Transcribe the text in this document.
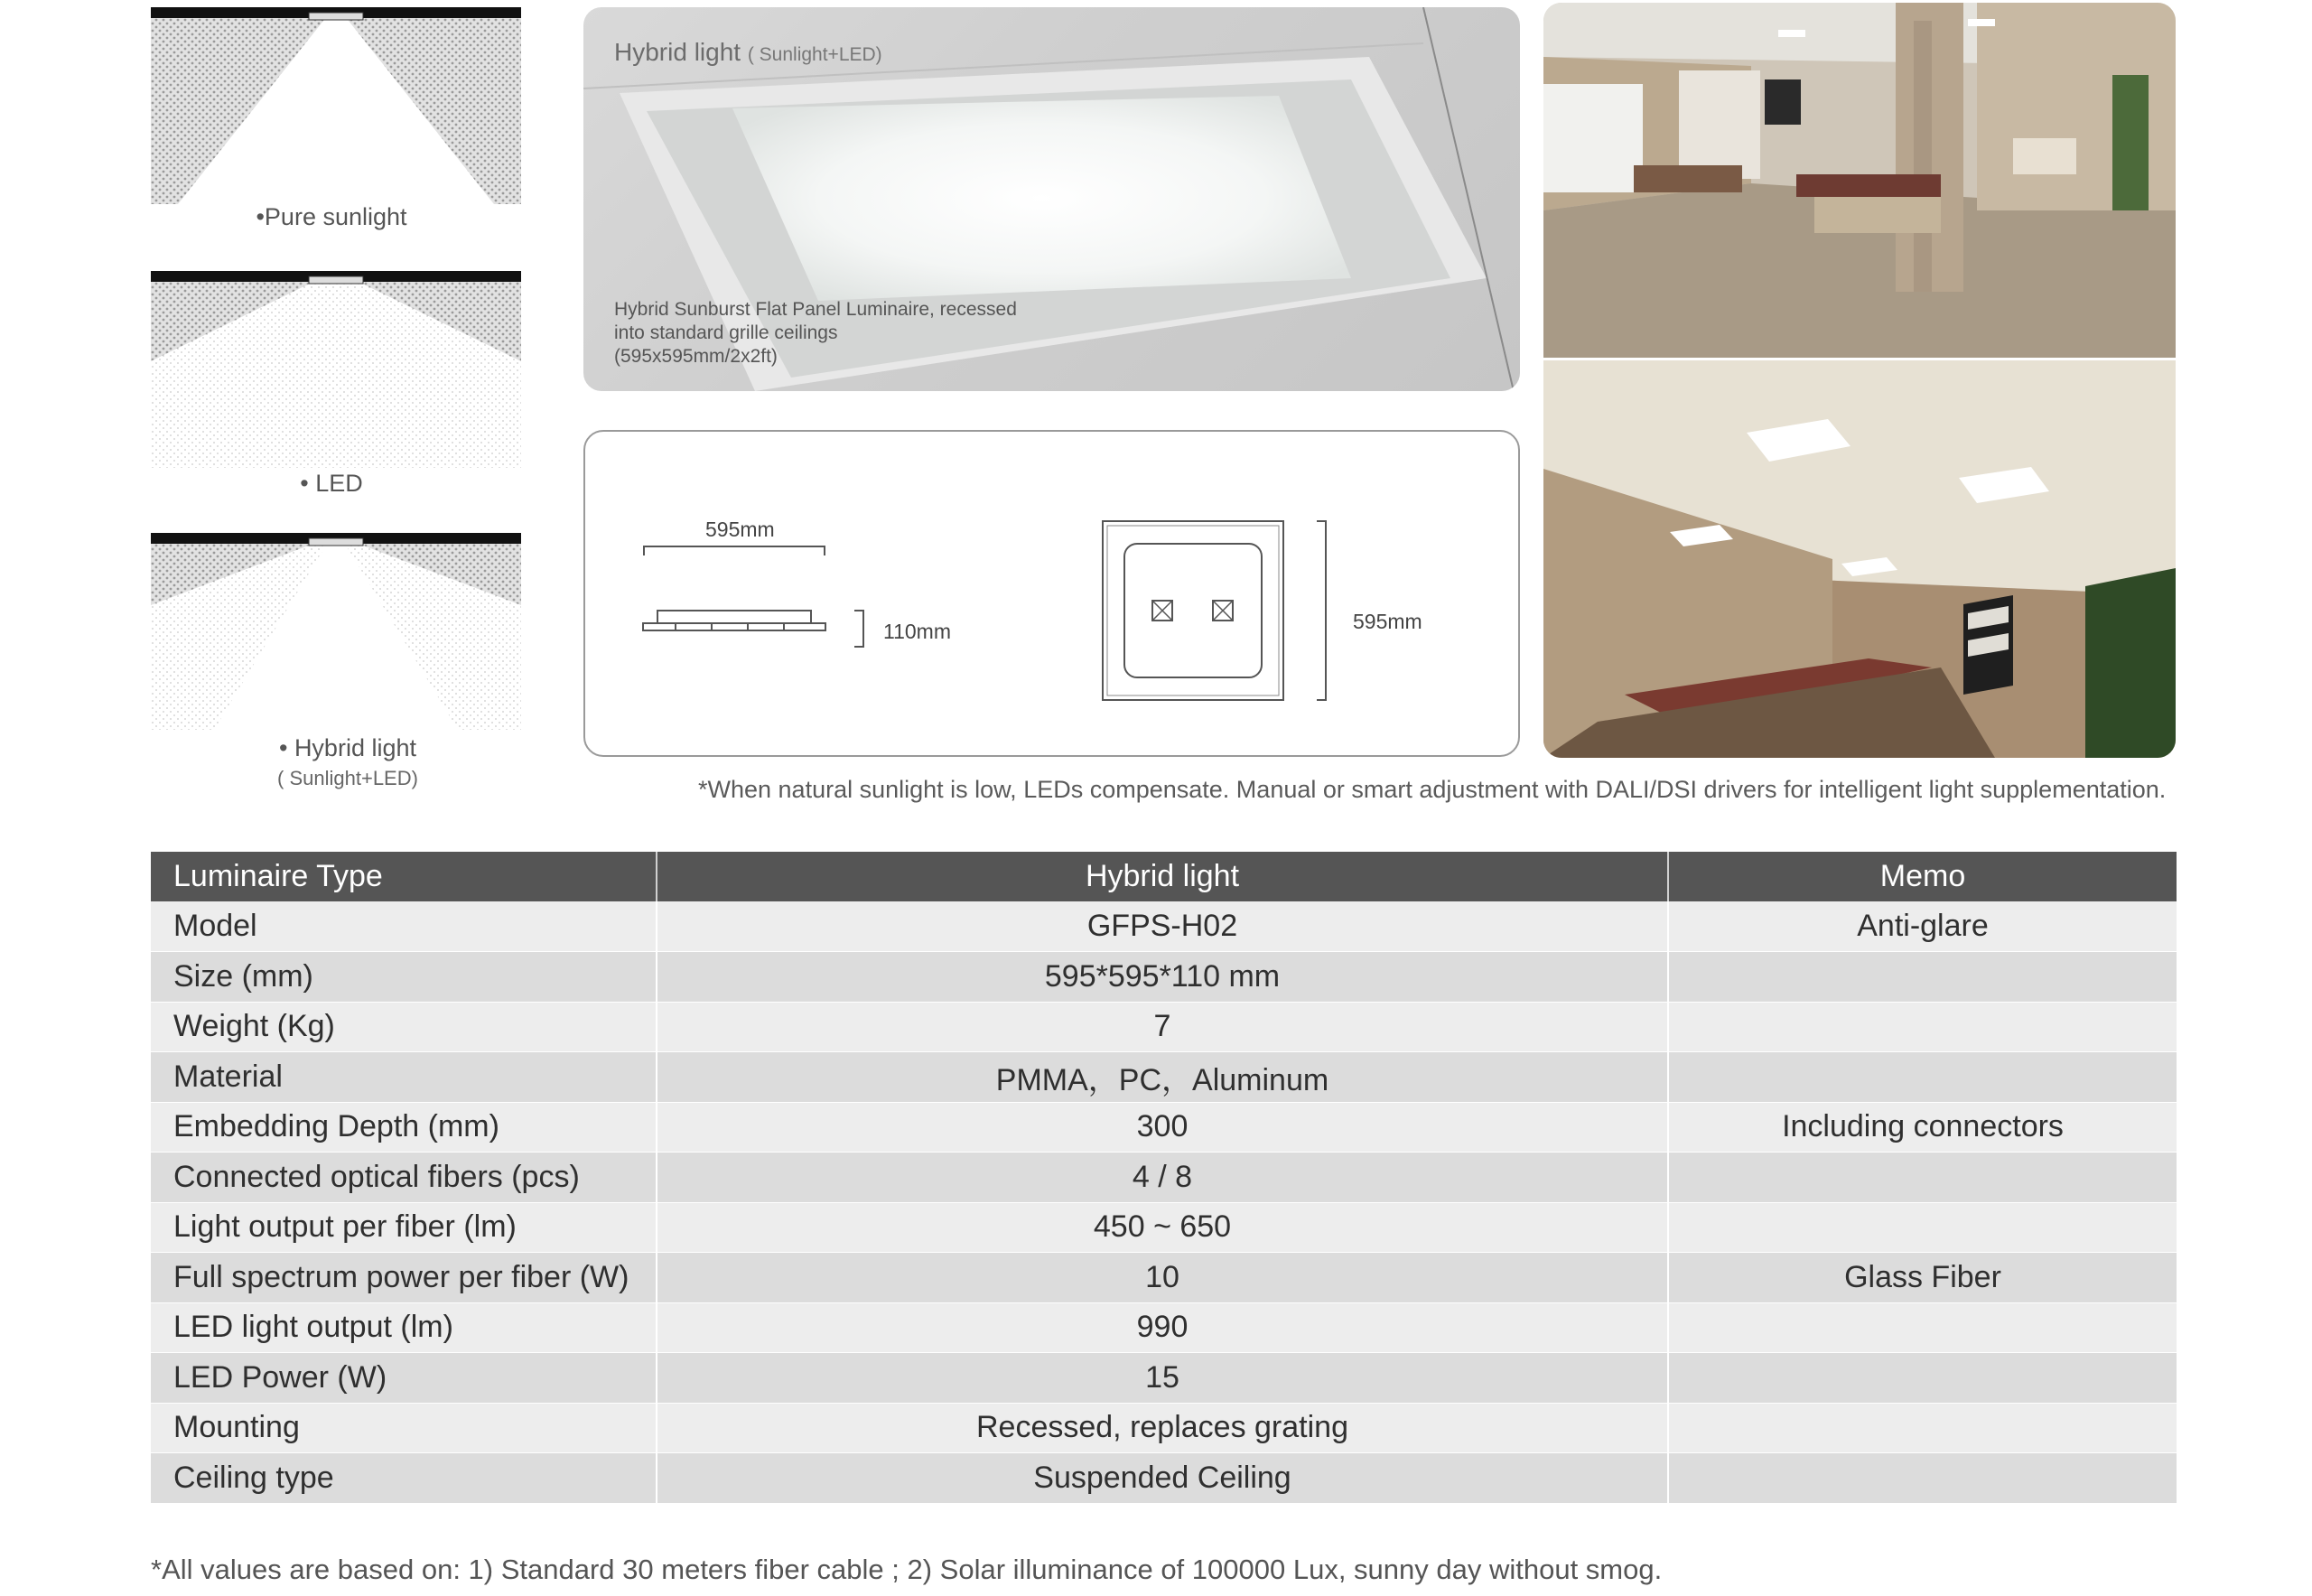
•Pure sunlight
• LED
• Hybrid light
( Sunlight+LED)
Hybrid light ( Sunlight+LED)
Hybrid Sunburst Flat Panel Luminaire, recessed
into standard grille ceilings
(595x595mm/2x2ft)
595mm
110mm	595mm
*When natural sunlight is low, LEDs compensate. Manual or smart adjustment with DALI/DSI drivers for intelligent light supplementation.
Luminaire Type	Hybrid light	Memo
Model	GFPS-H02	Anti-glare
Size (mm)	595*595*110 mm	
Weight (Kg)	7	
Material	PMMA，PC，Aluminum	
Embedding Depth (mm)	300	Including connectors
Connected optical fibers (pcs)	4 / 8	
Light output per fiber (lm)	450 ~ 650	
Full spectrum power per fiber (W)	10	Glass Fiber
LED light output (lm)	990	
LED Power (W)	15	
Mounting	Recessed, replaces grating	
Ceiling type	Suspended Ceiling	
*All values are based on: 1) Standard 30 meters fiber cable ; 2) Solar illuminance of 100000 Lux, sunny day without smog.
